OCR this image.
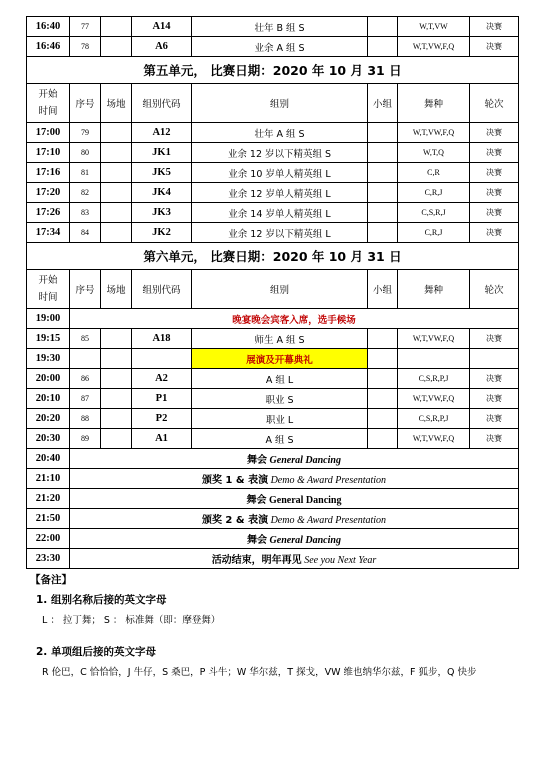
16:40	77		A14	壮年 B 组 S		W,T,VW	决赛
16:46	78		A6	业余 A 组 S		W,T,VW,F,Q	决赛
第五单元， 比赛日期：2020 年 10 月 31 日							
开始
时间	序号	场地	组别代码	组别	小组	舞种	轮次
17:00	79		A12	壮年 A 组 S		W,T,VW,F,Q	决赛
17:10	80		JK1	业余 12 岁以下精英组 S		W,T,Q	决赛
17:16	81		JK5	业余 10 岁单人精英组 L		C,R	决赛
17:20	82		JK4	业余 12 岁单人精英组 L		C,R,J	决赛
17:26	83		JK3	业余 14 岁单人精英组 L		C,S,R,J	决赛
17:34	84		JK2	业余 12 岁以下精英组 L		C,R,J	决赛
第六单元， 比赛日期：2020 年 10 月 31 日							
开始
时间	序号	场地	组别代码	组别	小组	舞种	轮次
19:00	晚宴晚会宾客入席，选手候场						
19:15	85		A18	师生 A 组 S		W,T,VW,F,Q	决赛
19:30				展演及开幕典礼			
20:00	86		A2	A 组 L		C,S,R,P,J	决赛
20:10	87		P1	职业 S		W,T,VW,F,Q	决赛
20:20	88		P2	职业 L		C,S,R,P,J	决赛
20:30	89		A1	A 组 S		W,T,VW,F,Q	决赛
20:40	舞会 General Dancing						
21:10	颁奖 1 & 表演 Demo & Award Presentation						
21:20	舞会 General Dancing						
21:50	颁奖 2 & 表演 Demo & Award Presentation						
22:00	舞会 General Dancing						
23:30	活动结束，明年再见 See you Next Year						
【备注】
1. 组别名称后接的英文字母
L ： 拉丁舞； S ： 标准舞（即：摩登舞）
2. 单项组后接的英文字母
R 伦巴，C 恰恰恰，J 牛仔，S 桑巴，P 斗牛；W 华尔兹，T 探戈，VW 维也纳华尔兹，F 狐步，Q 快步
